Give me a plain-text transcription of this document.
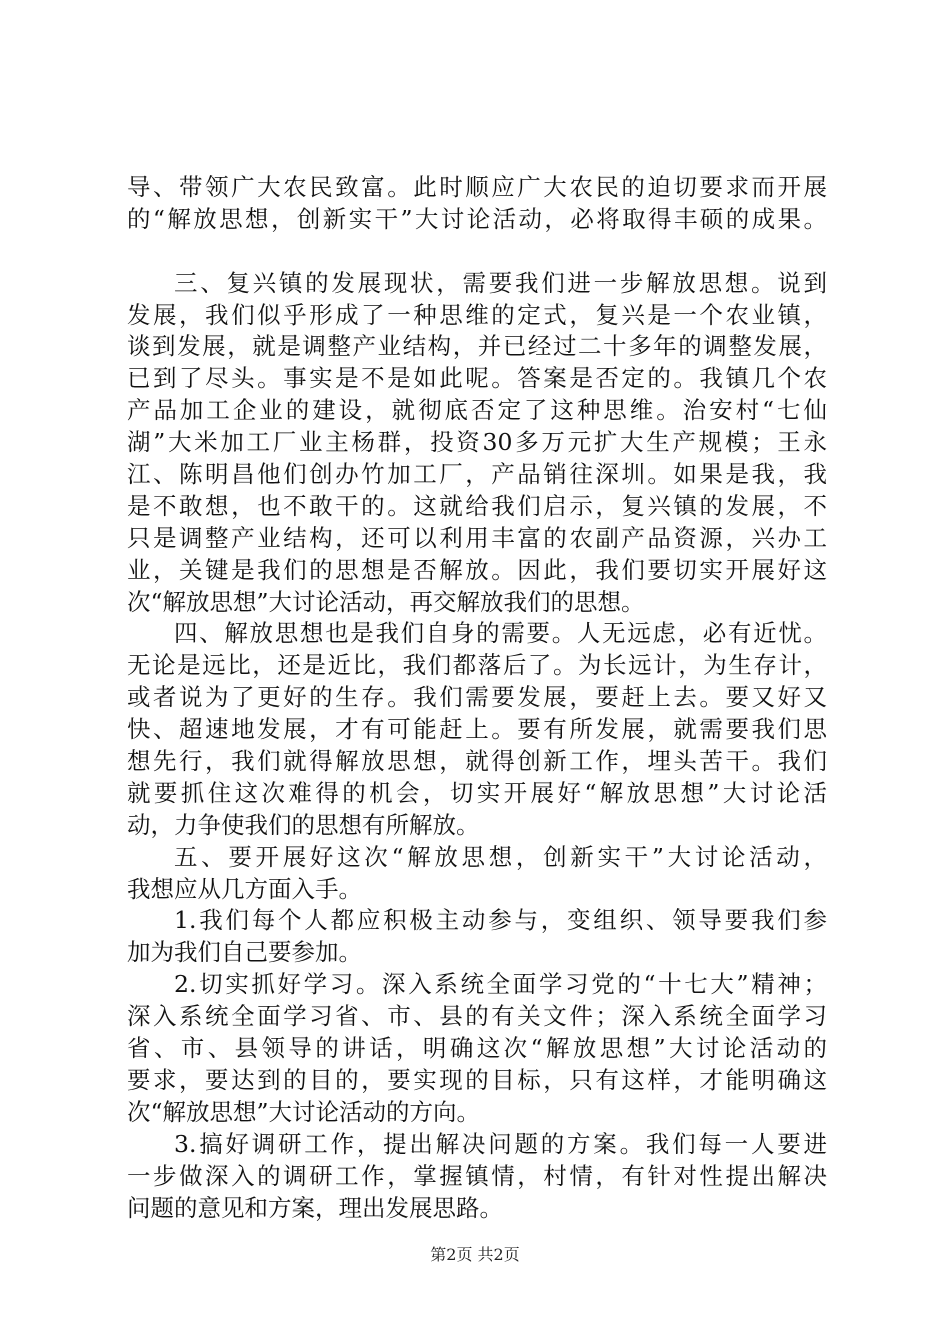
导、带领广大农民致富。此时顺应广大农民的迫切要求而开展
的“解放思想，创新实干”大讨论活动，必将取得丰硕的成果。
三、复兴镇的发展现状，需要我们进一步解放思想。说到
发展，我们似乎形成了一种思维的定式，复兴是一个农业镇，
谈到发展，就是调整产业结构，并已经过二十多年的调整发展，
已到了尽头。事实是不是如此呢。答案是否定的。我镇几个农
产品加工企业的建设，就彻底否定了这种思维。治安村“七仙
湖”大米加工厂业主杨群，投资30多万元扩大生产规模；王永
江、陈明昌他们创办竹加工厂，产品销往深圳。如果是我，我
是不敢想，也不敢干的。这就给我们启示，复兴镇的发展，不
只是调整产业结构，还可以利用丰富的农副产品资源，兴办工
业，关键是我们的思想是否解放。因此，我们要切实开展好这
次“解放思想”大讨论活动，再交解放我们的思想。
四、解放思想也是我们自身的需要。人无远虑，必有近忧。
无论是远比，还是近比，我们都落后了。为长远计，为生存计，
或者说为了更好的生存。我们需要发展，要赶上去。要又好又
快、超速地发展，才有可能赶上。要有所发展，就需要我们思
想先行，我们就得解放思想，就得创新工作，埋头苦干。我们
就要抓住这次难得的机会，切实开展好“解放思想”大讨论活
动，力争使我们的思想有所解放。
五、要开展好这次“解放思想，创新实干”大讨论活动，
我想应从几方面入手。
1.我们每个人都应积极主动参与，变组织、领导要我们参
加为我们自己要参加。
2.切实抓好学习。深入系统全面学习党的“十七大”精神；
深入系统全面学习省、市、县的有关文件；深入系统全面学习
省、市、县领导的讲话，明确这次“解放思想”大讨论活动的
要求，要达到的目的，要实现的目标，只有这样，才能明确这
次“解放思想”大讨论活动的方向。
3.搞好调研工作，提出解决问题的方案。我们每一人要进
一步做深入的调研工作，掌握镇情，村情，有针对性提出解决
问题的意见和方案，理出发展思路。
第2页 共2页
